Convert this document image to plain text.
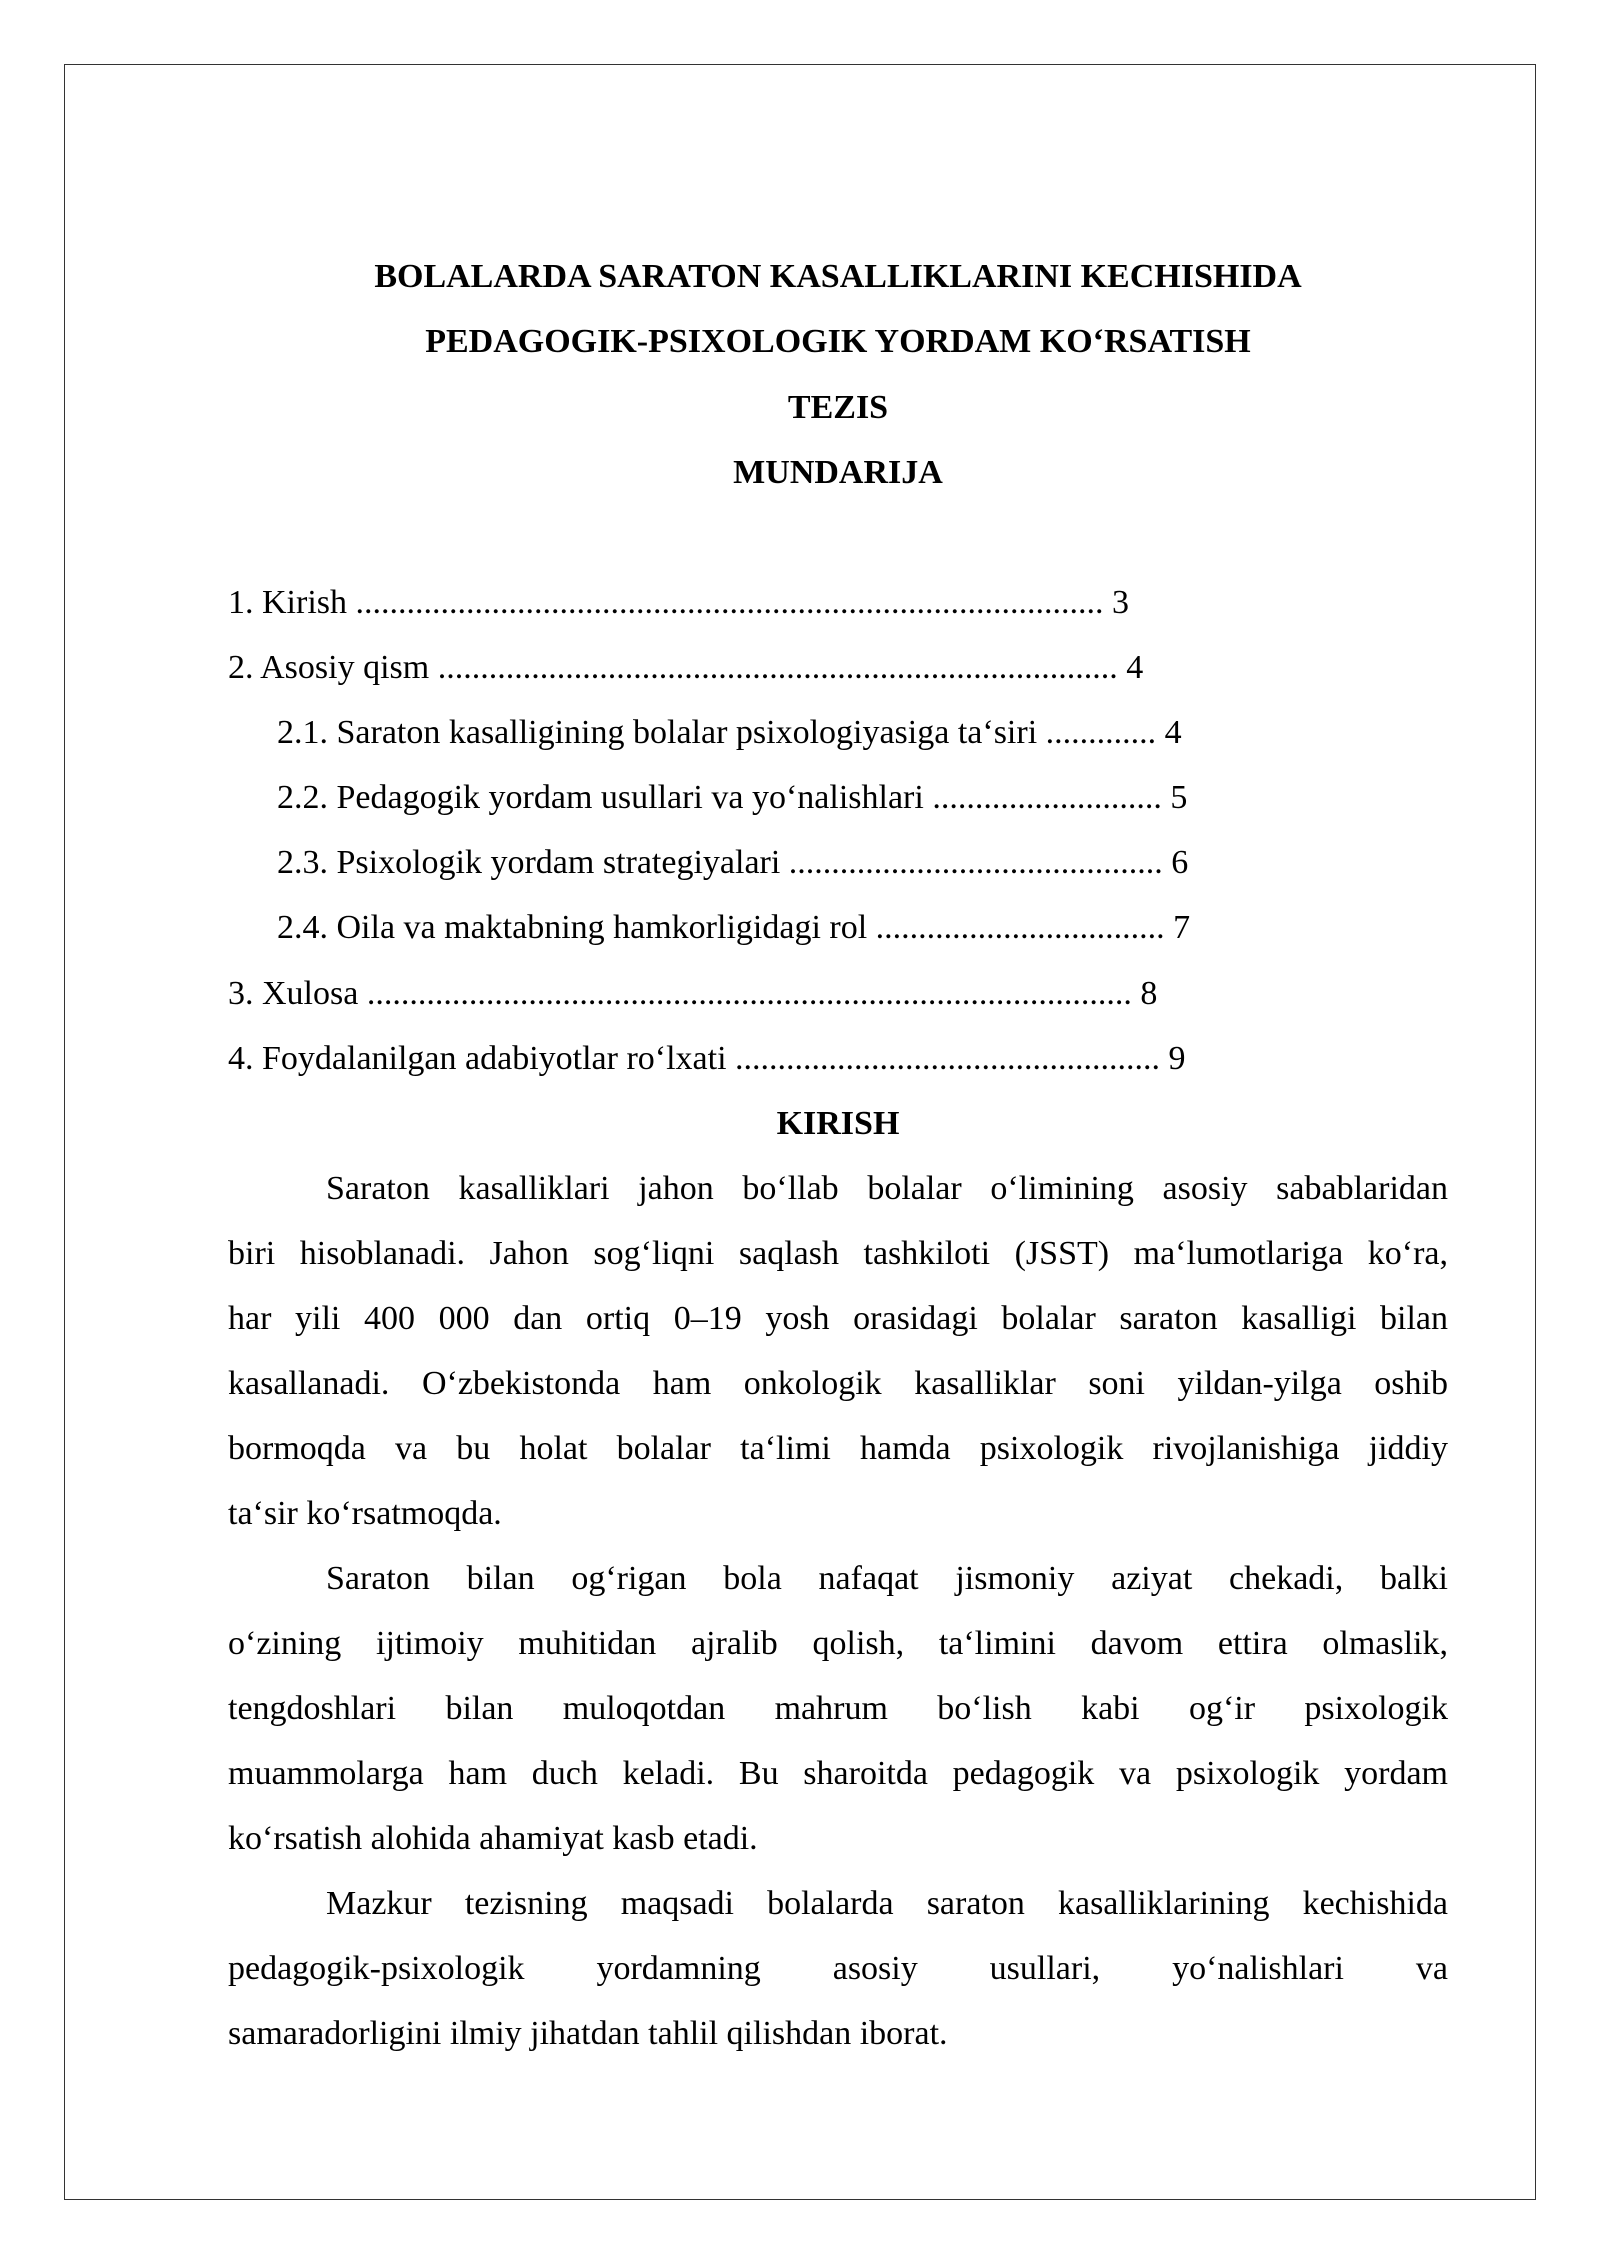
BOLALARDA SARATON KASALLIKLARINI KECHISHIDA
PEDAGOGIK-PSIXOLOGIK YORDAM KO‘RSATISH
TEZIS
MUNDARIJA
1. Kirish ........................................................................................ 3
2. Asosiy qism ................................................................................ 4
2.1. Saraton kasalligining bolalar psixologiyasiga ta‘siri ............. 4
2.2. Pedagogik yordam usullari va yo‘nalishlari ........................... 5
2.3. Psixologik yordam strategiyalari ............................................ 6
2.4. Oila va maktabning hamkorligidagi rol .................................. 7
3. Xulosa .......................................................................................... 8
4. Foydalanilgan adabiyotlar ro‘lxati .................................................. 9
KIRISH
Saraton kasalliklari jahon bo‘llab bolalar o‘limining asosiy sabablaridan
biri hisoblanadi. Jahon sog‘liqni saqlash tashkiloti (JSST) ma‘lumotlariga ko‘ra,
har yili 400 000 dan ortiq 0–19 yosh orasidagi bolalar saraton kasalligi bilan
kasallanadi. O‘zbekistonda ham onkologik kasalliklar soni yildan-yilga oshib
bormoqda va bu holat bolalar ta‘limi hamda psixologik rivojlanishiga jiddiy
ta‘sir ko‘rsatmoqda.
Saraton bilan og‘rigan bola nafaqat jismoniy aziyat chekadi, balki
o‘zining ijtimoiy muhitidan ajralib qolish, ta‘limini davom ettira olmaslik,
tengdoshlari bilan muloqotdan mahrum bo‘lish kabi og‘ir psixologik
muammolarga ham duch keladi. Bu sharoitda pedagogik va psixologik yordam
ko‘rsatish alohida ahamiyat kasb etadi.
Mazkur tezisning maqsadi bolalarda saraton kasalliklarining kechishida
pedagogik-psixologik yordamning asosiy usullari, yo‘nalishlari va
samaradorligini ilmiy jihatdan tahlil qilishdan iborat.
